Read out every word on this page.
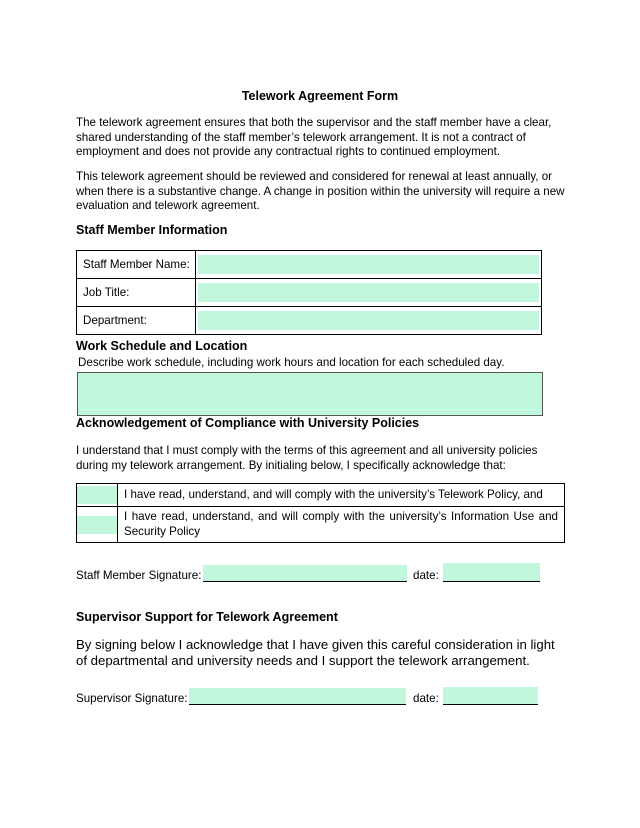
Telework Agreement Form
The telework agreement ensures that both the supervisor and the staff member have a clear, shared understanding of the staff member’s telework arrangement. It is not a contract of employment and does not provide any contractual rights to continued employment.
This telework agreement should be reviewed and considered for renewal at least annually, or when there is a substantive change. A change in position within the university will require a new evaluation and telework agreement.
Staff Member Information
Staff Member Name:	

Job Title:	

Department:	
Work Schedule and Location
Describe work schedule, including work hours and location for each scheduled day.
Acknowledgement of Compliance with University Policies
I understand that I must comply with the terms of this agreement and all university policies during my telework arrangement. By initialing below, I specifically acknowledge that:
	I have read, understand, and will comply with the university’s Telework Policy, and

	I have read, understand, and will comply with the university’s Information Use and Security Policy
Staff Member Signature:	date:
Supervisor Support for Telework Agreement
By signing below I acknowledge that I have given this careful consideration in light of departmental and university needs and I support the telework arrangement.
Supervisor Signature:	date:
